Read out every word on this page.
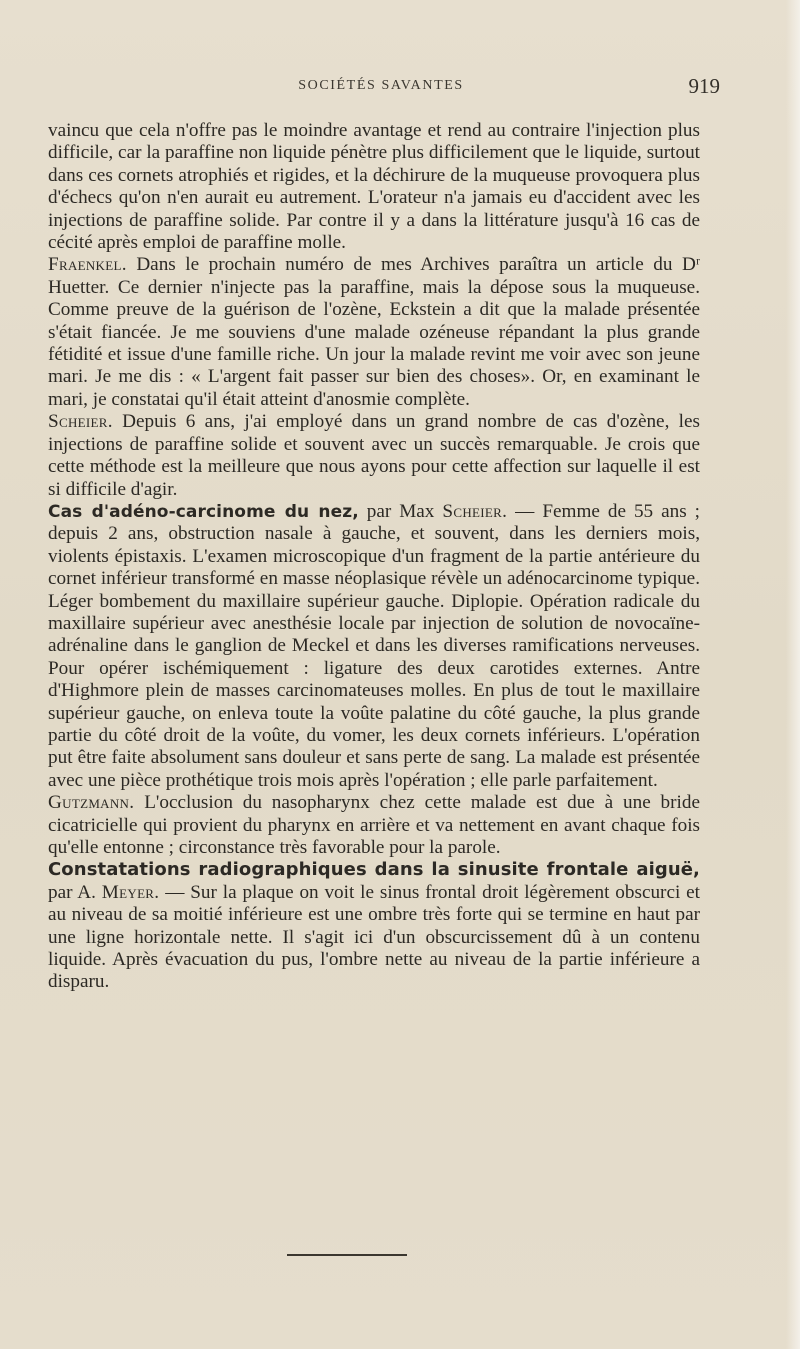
SOCIÉTÉS SAVANTES	919

vaincu que cela n'offre pas le moindre avantage et rend au contraire l'injection plus difficile, car la paraffine non liquide pénètre plus difficilement que le liquide, surtout dans ces cornets atrophiés et rigides, et la déchirure de la muqueuse provoquera plus d'échecs qu'on n'en aurait eu autrement. L'orateur n'a jamais eu d'accident avec les injections de paraffine solide. Par contre il y a dans la littérature jusqu'à 16 cas de cécité après emploi de paraffine molle.

Fraenkel. Dans le prochain numéro de mes Archives paraîtra un article du Dʳ Huetter. Ce dernier n'injecte pas la paraffine, mais la dépose sous la muqueuse. Comme preuve de la guérison de l'ozène, Eckstein a dit que la malade présentée s'était fiancée. Je me souviens d'une malade ozéneuse répandant la plus grande fétidité et issue d'une famille riche. Un jour la malade revint me voir avec son jeune mari. Je me dis : « L'argent fait passer sur bien des choses». Or, en examinant le mari, je constatai qu'il était atteint d'anosmie complète.

Scheier. Depuis 6 ans, j'ai employé dans un grand nombre de cas d'ozène, les injections de paraffine solide et souvent avec un succès remarquable. Je crois que cette méthode est la meilleure que nous ayons pour cette affection sur laquelle il est si difficile d'agir.

Cas d'adéno-carcinome du nez, par Max Scheier. — Femme de 55 ans ; depuis 2 ans, obstruction nasale à gauche, et souvent, dans les derniers mois, violents épistaxis. L'examen microscopique d'un fragment de la partie antérieure du cornet inférieur transformé en masse néoplasique révèle un adénocarcinome typique. Léger bombement du maxillaire supérieur gauche. Diplopie. Opération radicale du maxillaire supérieur avec anesthésie locale par injection de solution de novocaïne-adrénaline dans le ganglion de Meckel et dans les diverses ramifications nerveuses. Pour opérer ischémiquement : ligature des deux carotides externes. Antre d'Highmore plein de masses carcinomateuses molles. En plus de tout le maxillaire supérieur gauche, on enleva toute la voûte palatine du côté gauche, la plus grande partie du côté droit de la voûte, du vomer, les deux cornets inférieurs. L'opération put être faite absolument sans douleur et sans perte de sang. La malade est présentée avec une pièce prothétique trois mois après l'opération ; elle parle parfaitement.

Gutzmann. L'occlusion du nasopharynx chez cette malade est due à une bride cicatricielle qui provient du pharynx en arrière et va nettement en avant chaque fois qu'elle entonne ; circonstance très favorable pour la parole.

Constatations radiographiques dans la sinusite frontale aiguë, par A. Meyer. — Sur la plaque on voit le sinus frontal droit légèrement obscurci et au niveau de sa moitié inférieure est une ombre très forte qui se termine en haut par une ligne horizontale nette. Il s'agit ici d'un obscurcissement dû à un contenu liquide. Après évacuation du pus, l'ombre nette au niveau de la partie inférieure a disparu.
